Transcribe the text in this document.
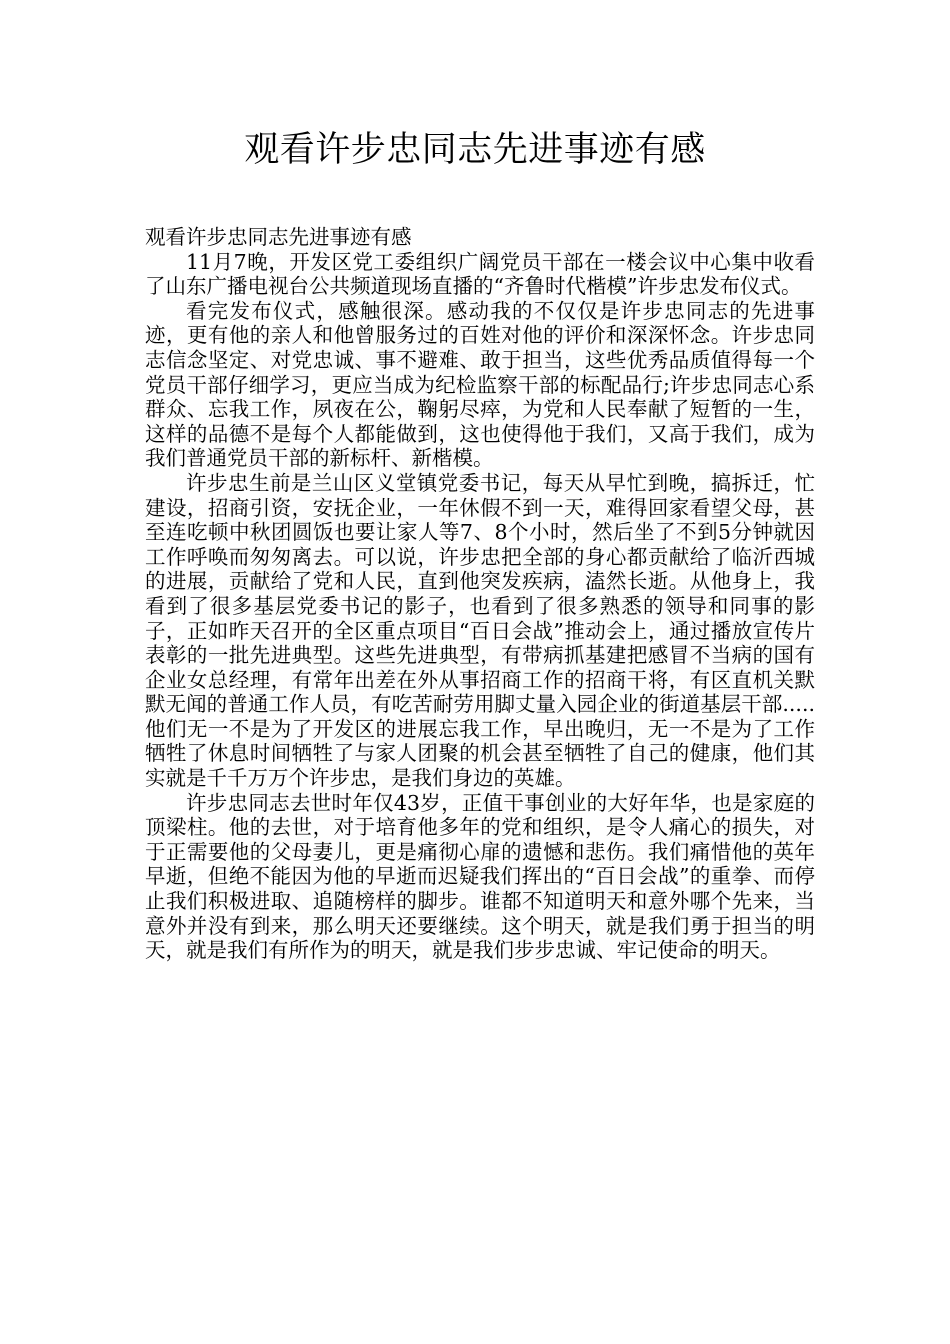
观看许步忠同志先进事迹有感

观看许步忠同志先进事迹有感

11月7晚，开发区党工委组织广阔党员干部在一楼会议中心集中收看了山东广播电视台公共频道现场直播的“齐鲁时代楷模”许步忠发布仪式。

看完发布仪式，感触很深。感动我的不仅仅是许步忠同志的先进事迹，更有他的亲人和他曾服务过的百姓对他的评价和深深怀念。许步忠同志信念坚定、对党忠诚、事不避难、敢于担当，这些优秀品质值得每一个党员干部仔细学习，更应当成为纪检监察干部的标配品行;许步忠同志心系群众、忘我工作，夙夜在公，鞠躬尽瘁，为党和人民奉献了短暂的一生，这样的品德不是每个人都能做到，这也使得他于我们，又高于我们，成为我们普通党员干部的新标杆、新楷模。

许步忠生前是兰山区义堂镇党委书记，每天从早忙到晚，搞拆迁，忙建设，招商引资，安抚企业，一年休假不到一天，难得回家看望父母，甚至连吃顿中秋团圆饭也要让家人等7、8个小时，然后坐了不到5分钟就因工作呼唤而匆匆离去。可以说，许步忠把全部的身心都贡献给了临沂西城的进展，贡献给了党和人民，直到他突发疾病，溘然长逝。从他身上，我看到了很多基层党委书记的影子，也看到了很多熟悉的领导和同事的影子，正如昨天召开的全区重点项目“百日会战”推动会上，通过播放宣传片表彰的一批先进典型。这些先进典型，有带病抓基建把感冒不当病的国有企业女总经理，有常年出差在外从事招商工作的招商干将，有区直机关默默无闻的普通工作人员，有吃苦耐劳用脚丈量入园企业的街道基层干部.....他们无一不是为了开发区的进展忘我工作，早出晚归，无一不是为了工作牺牲了休息时间牺牲了与家人团聚的机会甚至牺牲了自己的健康，他们其实就是千千万万个许步忠，是我们身边的英雄。

许步忠同志去世时年仅43岁，正值干事创业的大好年华，也是家庭的顶梁柱。他的去世，对于培育他多年的党和组织，是令人痛心的损失，对于正需要他的父母妻儿，更是痛彻心扉的遗憾和悲伤。我们痛惜他的英年早逝，但绝不能因为他的早逝而迟疑我们挥出的“百日会战”的重拳、而停止我们积极进取、追随榜样的脚步。谁都不知道明天和意外哪个先来，当意外并没有到来，那么明天还要继续。这个明天，就是我们勇于担当的明天，就是我们有所作为的明天，就是我们步步忠诚、牢记使命的明天。
